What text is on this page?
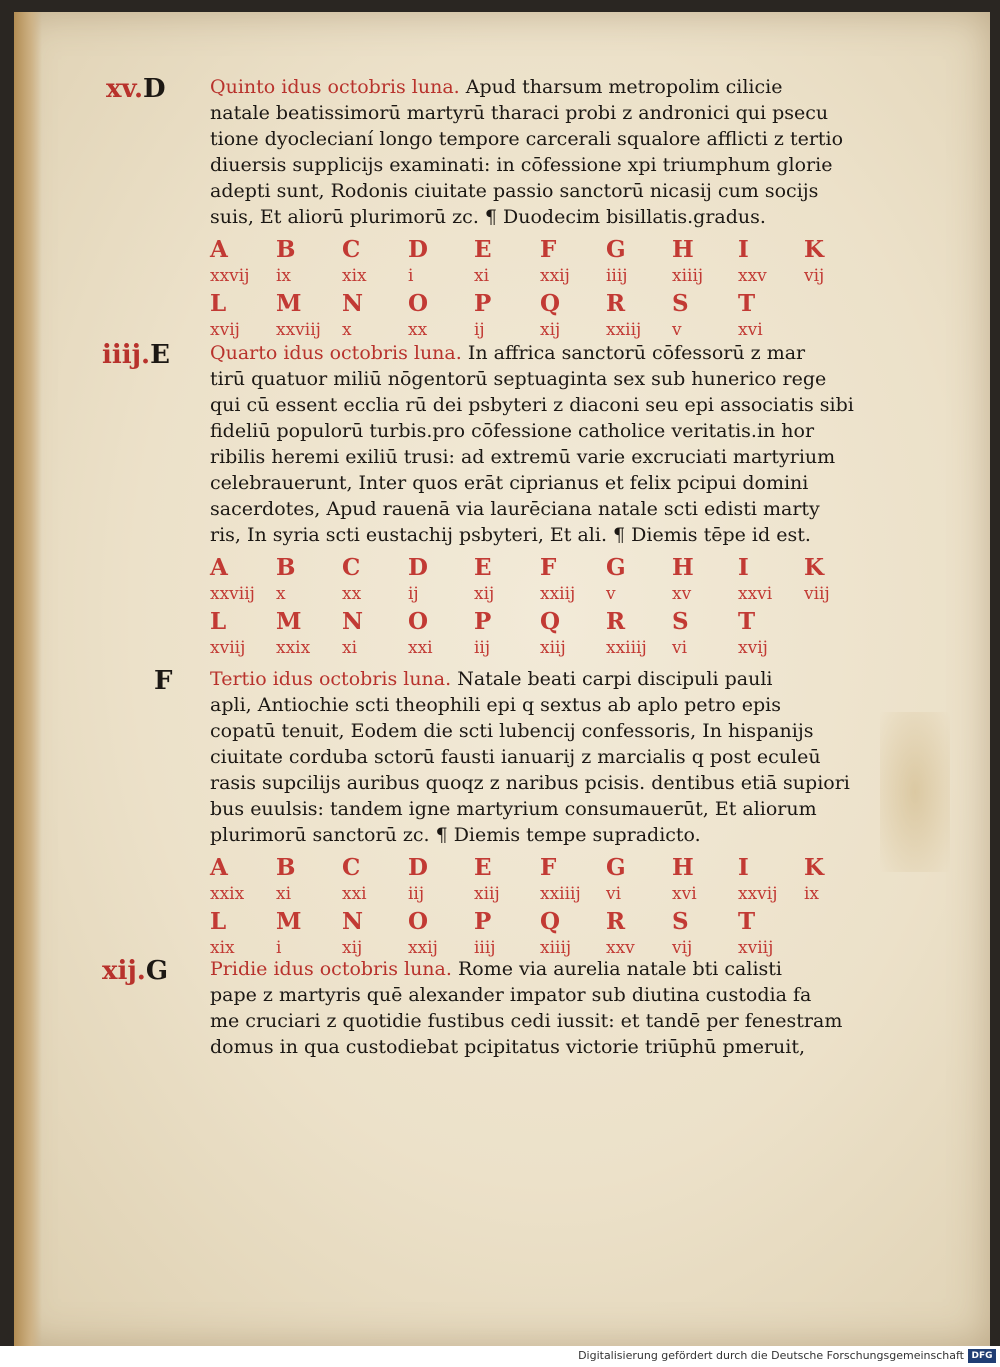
xv.D	Quinto idus octobris luna. Apud tharsum metropolim cilicie
natale beatissimorū martyrū tharaci probi z andronici qui psecu
tione dyoclecianí longo tempore carcerali squalore afflicti z tertio
diuersis supplicijs examinati: in cōfessione xpi triumphum glorie
adepti sunt, Rodonis ciuitate passio sanctorū nicasij cum socijs
suis, Et aliorū plurimorū zc. ¶ Duodecim bisillatis.gradus.
A	B	C	D	E	F	G	H	I	K
xxvij	ix	xix	i	xi	xxij	iiij	xiiij	xxv	vij
L	M	N	O	P	Q	R	S	T
xvij	xxviij	x	xx	ij	xij	xxiij	v	xvi
iiij.E	Quarto idus octobris luna. In affrica sanctorū cōfessorū z mar
tirū quatuor miliū nōgentorū septuaginta sex sub hunerico rege
qui cū essent ecclia rū dei psbyteri z diaconi seu epi associatis sibi
fideliū populorū turbis.pro cōfessione catholice veritatis.in hor
ribilis heremi exiliū trusi: ad extremū varie excruciati martyrium
celebrauerunt, Inter quos erāt ciprianus et felix pcipui domini
sacerdotes, Apud rauenā via laurēciana natale scti edisti marty
ris, In syria scti eustachij psbyteri, Et ali. ¶ Diemis tēpe id est.
A	B	C	D	E	F	G	H	I	K
xxviij	x	xx	ij	xij	xxiij	v	xv	xxvi	viij
L	M	N	O	P	Q	R	S	T
xviij	xxix	xi	xxi	iij	xiij	xxiiij	vi	xvij
F	Tertio idus octobris luna. Natale beati carpi discipuli pauli
apli, Antiochie scti theophili epi q sextus ab aplo petro epis
copatū tenuit, Eodem die scti lubencij confessoris, In hispanijs
ciuitate corduba sctorū fausti ianuarij z marcialis q post eculeū
rasis supcilijs auribus quoqz z naribus pcisis. dentibus etiā supiori
bus euulsis: tandem igne martyrium consumauerūt, Et aliorum
plurimorū sanctorū zc. ¶ Diemis tempe supradicto.
A	B	C	D	E	F	G	H	I	K
xxix	xi	xxi	iij	xiij	xxiiij	vi	xvi	xxvij	ix
L	M	N	O	P	Q	R	S	T
xix	i	xij	xxij	iiij	xiiij	xxv	vij	xviij
xij.G	Pridie idus octobris luna. Rome via aurelia natale bti calisti
pape z martyris quē alexander impator sub diutina custodia fa
me cruciari z quotidie fustibus cedi iussit: et tandē per fenestram
domus in qua custodiebat pcipitatus victorie triūphū pmeruit,
Digitalisierung gefördert durch die Deutsche Forschungsgemeinschaft DFG
